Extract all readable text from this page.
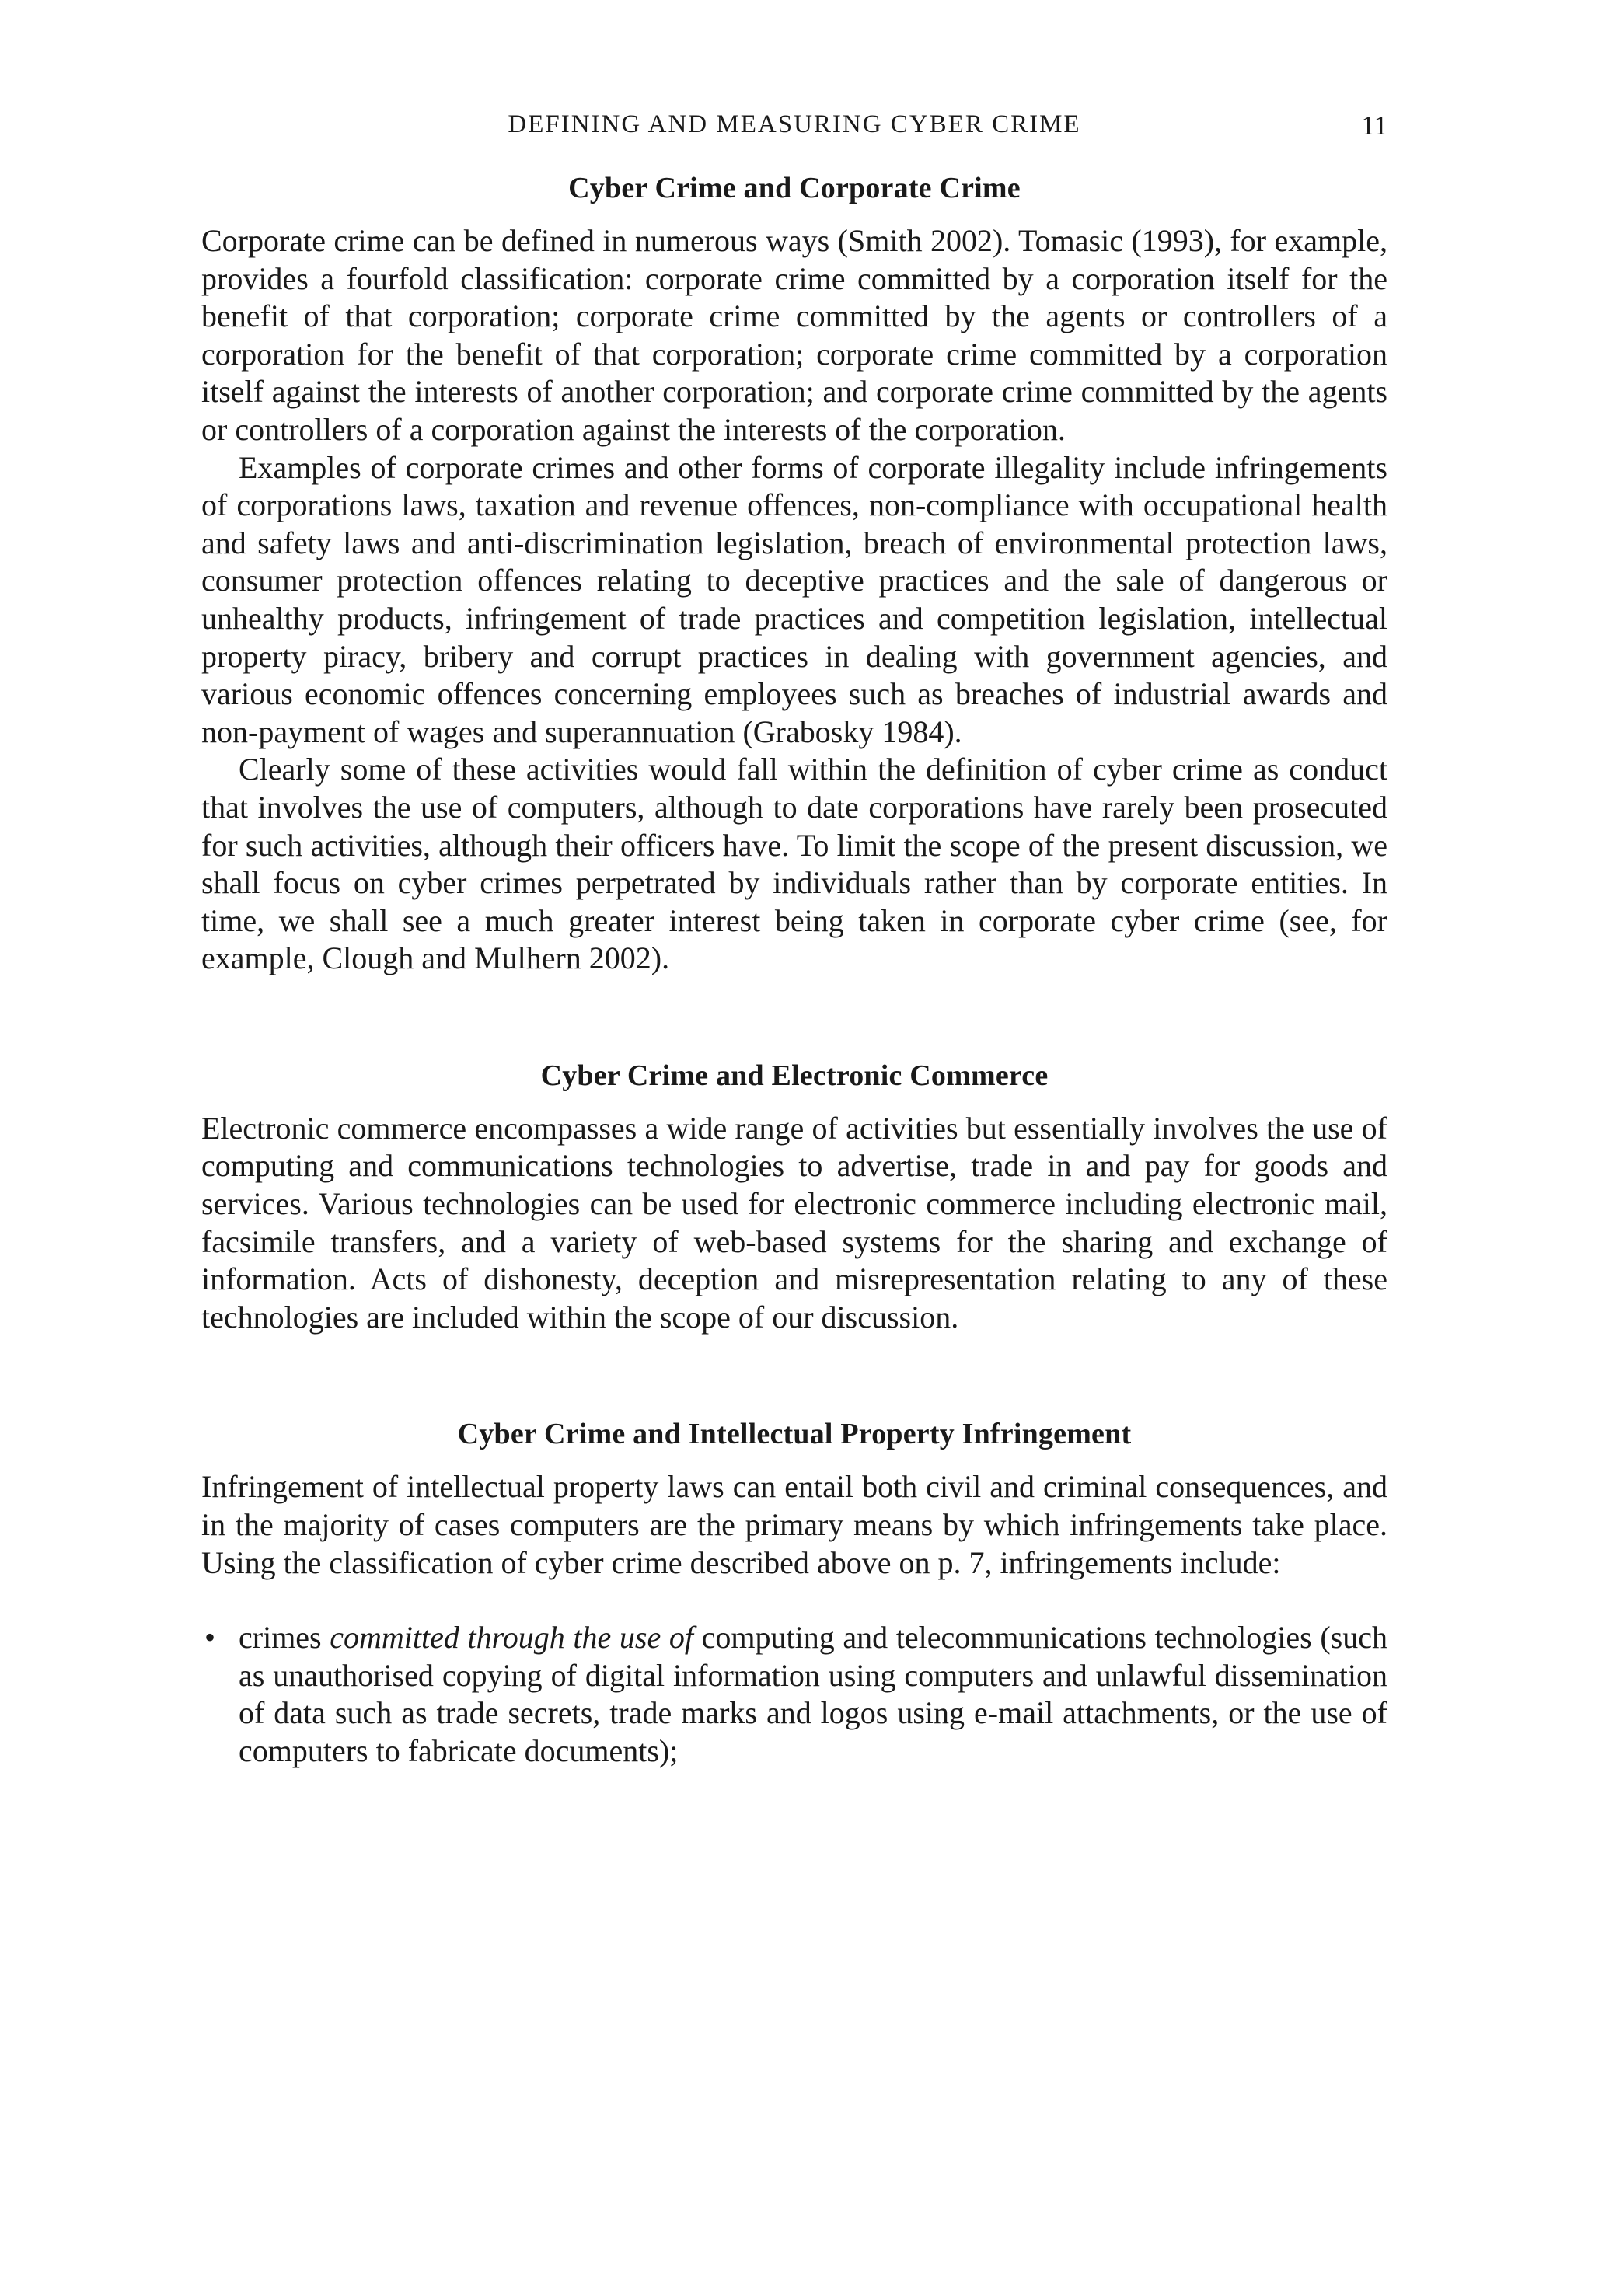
DEFINING AND MEASURING CYBER CRIME	11
Cyber Crime and Corporate Crime

Corporate crime can be defined in numerous ways (Smith 2002). Tomasic (1993), for example, provides a fourfold classification: corporate crime committed by a corporation itself for the benefit of that corporation; corporate crime committed by the agents or controllers of a corporation for the benefit of that corporation; corporate crime committed by a corporation itself against the interests of another corporation; and corporate crime committed by the agents or controllers of a corporation against the interests of the corporation.

Examples of corporate crimes and other forms of corporate illegality include infringements of corporations laws, taxation and revenue offences, non-compliance with occupational health and safety laws and anti-discrimination legislation, breach of environmental protection laws, consumer protection offences relating to deceptive practices and the sale of dangerous or unhealthy products, infringement of trade practices and competition legislation, intellectual property piracy, bribery and corrupt practices in dealing with government agencies, and various economic offences concerning employees such as breaches of industrial awards and non-payment of wages and superannuation (Grabosky 1984).

Clearly some of these activities would fall within the definition of cyber crime as conduct that involves the use of computers, although to date corporations have rarely been prosecuted for such activities, although their officers have. To limit the scope of the present discussion, we shall focus on cyber crimes perpetrated by individuals rather than by corporate entities. In time, we shall see a much greater interest being taken in corporate cyber crime (see, for example, Clough and Mulhern 2002).

Cyber Crime and Electronic Commerce

Electronic commerce encompasses a wide range of activities but essentially involves the use of computing and communications technologies to advertise, trade in and pay for goods and services. Various technologies can be used for electronic commerce including electronic mail, facsimile transfers, and a variety of web-based systems for the sharing and exchange of information. Acts of dishonesty, deception and misrepresentation relating to any of these technologies are included within the scope of our discussion.

Cyber Crime and Intellectual Property Infringement

Infringement of intellectual property laws can entail both civil and criminal consequences, and in the majority of cases computers are the primary means by which infringements take place. Using the classification of cyber crime described above on p. 7, infringements include:

• crimes committed through the use of computing and telecommunications technologies (such as unauthorised copying of digital information using computers and unlawful dissemination of data such as trade secrets, trade marks and logos using e-mail attachments, or the use of computers to fabricate documents);
